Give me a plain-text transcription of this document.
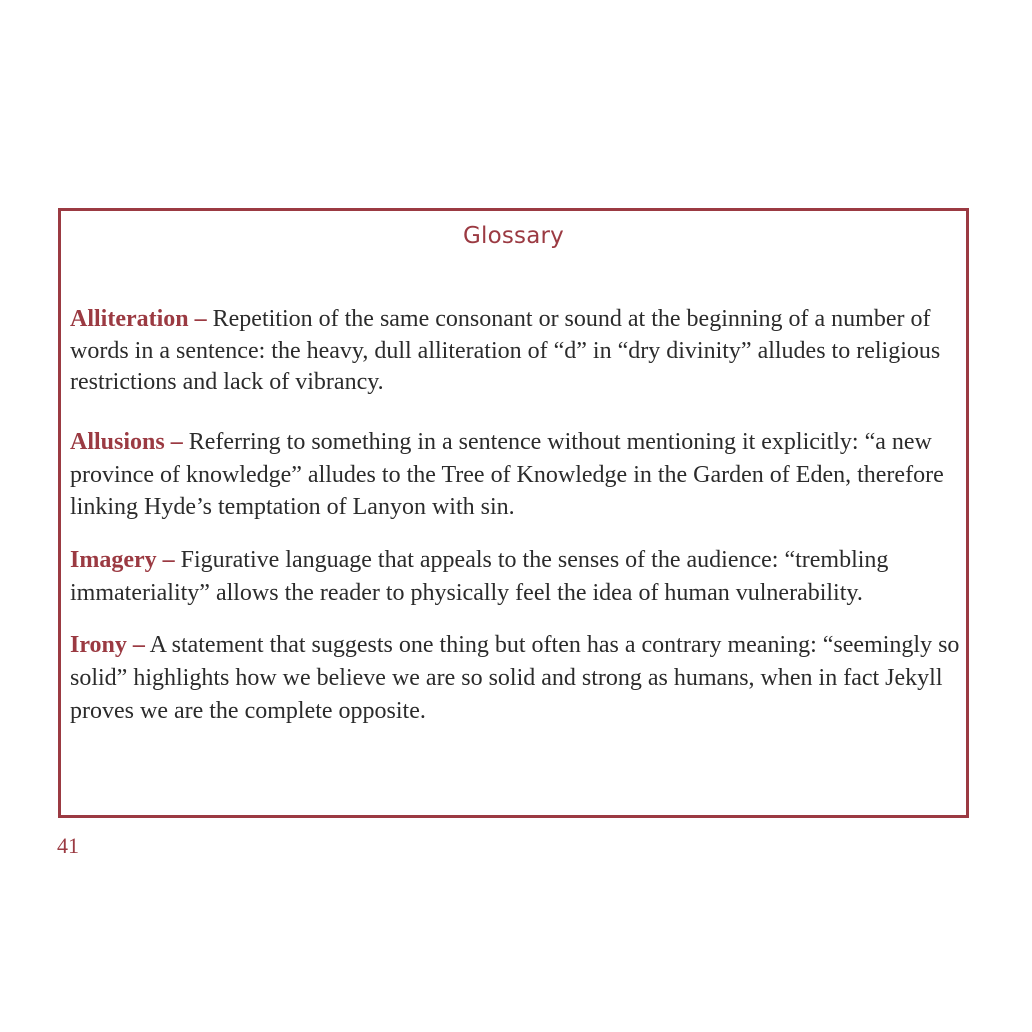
Glossary
Alliteration – Repetition of the same consonant or sound at the beginning of a number of words in a sentence: the heavy, dull alliteration of “d” in “dry divinity” alludes to religious restrictions and lack of vibrancy.
Allusions – Referring to something in a sentence without mentioning it explicitly: “a new province of knowledge” alludes to the Tree of Knowledge in the Garden of Eden, therefore linking Hyde’s temptation of Lanyon with sin.
Imagery – Figurative language that appeals to the senses of the audience: “trembling immateriality” allows the reader to physically feel the idea of human vulnerability.
Irony – A statement that suggests one thing but often has a contrary meaning: “seemingly so solid” highlights how we believe we are so solid and strong as humans, when in fact Jekyll proves we are the complete opposite.
41
